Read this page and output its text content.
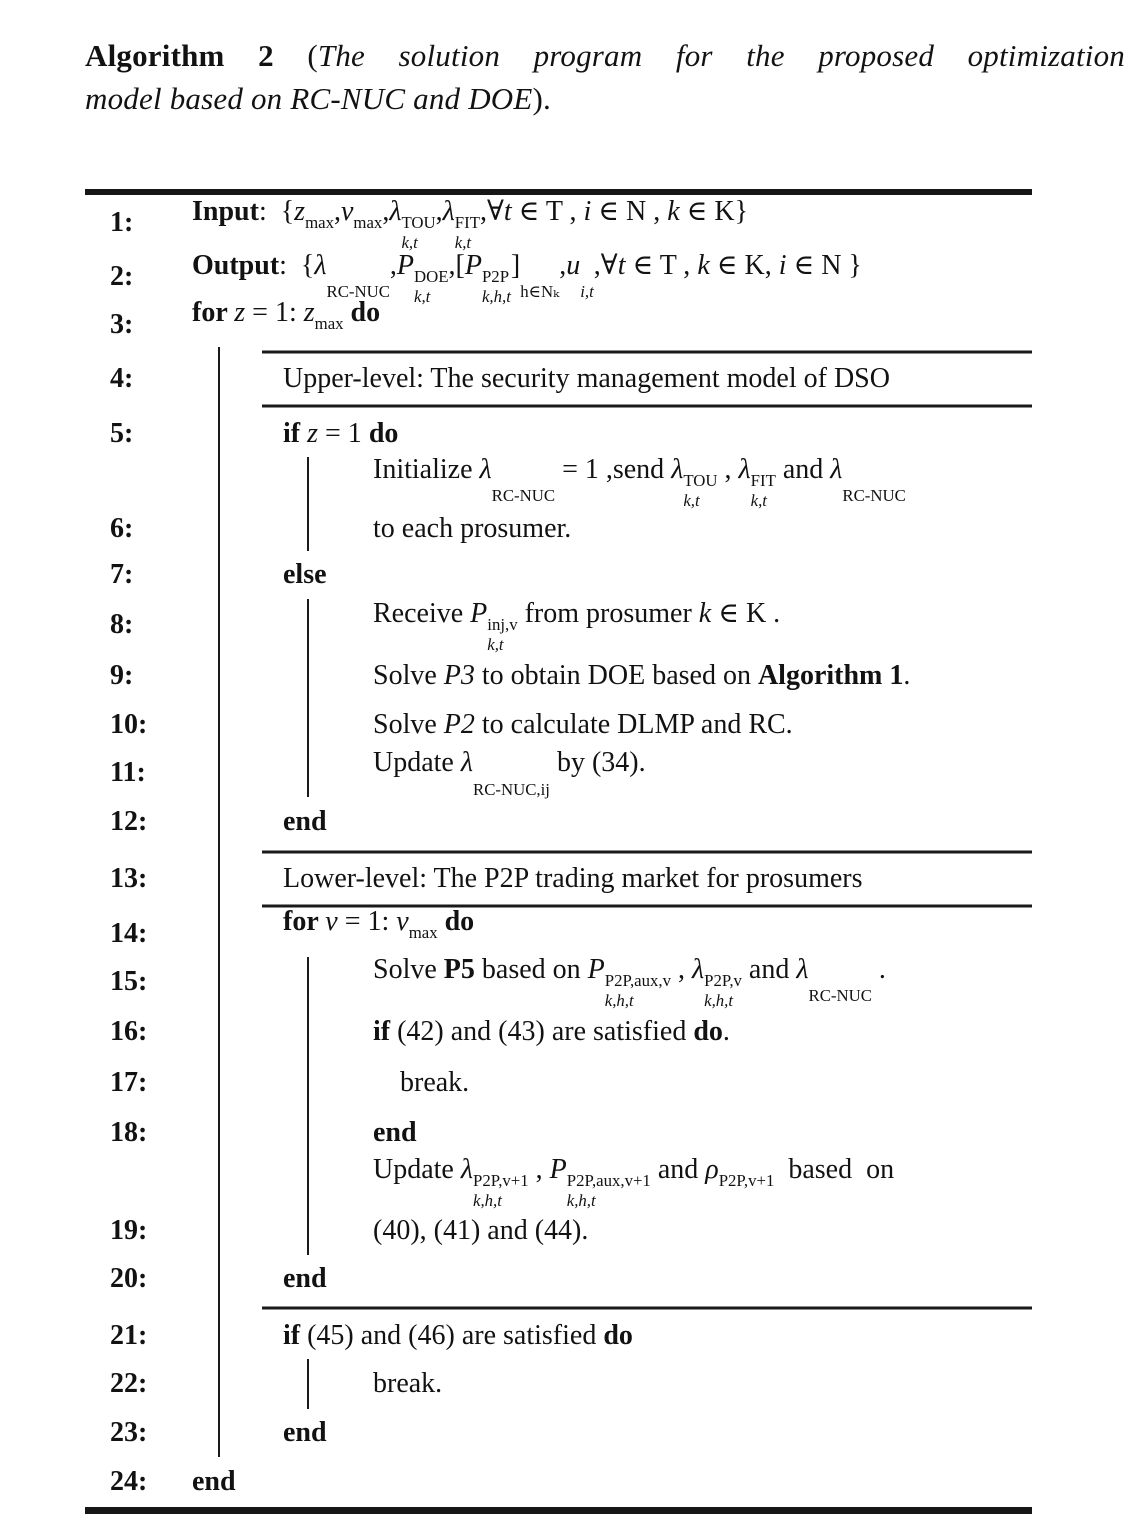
Algorithm 2 (The solution program for the proposed optimization
model based on RC-NUC and DOE).
1:	Input:  {z max ,v max ,λ TOU
k,t
,λ FIT
k,t
,∀t ∈ T , i ∈ N , k ∈ K}
2:	Output:  {λ
RC-NUC
,P DOE
k,t
,[P P2P
k,h,t
]
h∈Nₖ
,u
i,t
,∀t ∈ T , k ∈ K, i ∈ N }
3:	for z = 1: z max do
4:	Upper-level: The security management model of DSO
5:	if z = 1 do
Initialize λ
RC-NUC
= 1 ,send λ TOU
k,t
, λ FIT
k,t
and λ
RC-NUC
6:	to each prosumer.
7:	else
8:	Receive P inj,v
k,t
from prosumer k ∈ K .
9:	Solve P3 to obtain DOE based on Algorithm 1.
10:	Solve P2 to calculate DLMP and RC.
11:	Update λ
RC-NUC,ij
by (34).
12:	end
13:	Lower-level: The P2P trading market for prosumers
14:	for v = 1: v max do
15:	Solve P5 based on P P2P,aux,v
k,h,t
, λ P2P,v
k,h,t
and λ
RC-NUC
.
16:	if (42) and (43) are satisfied do.
17:	break.
18:	end
Update λ P2P,v+1
k,h,t
, P P2P,aux,v+1
k,h,t
and ρ P2P,v+1 based  on
19:	(40), (41) and (44).
20:	end
21:	if (45) and (46) are satisfied do
22:	break.
23:	end
24:	end
